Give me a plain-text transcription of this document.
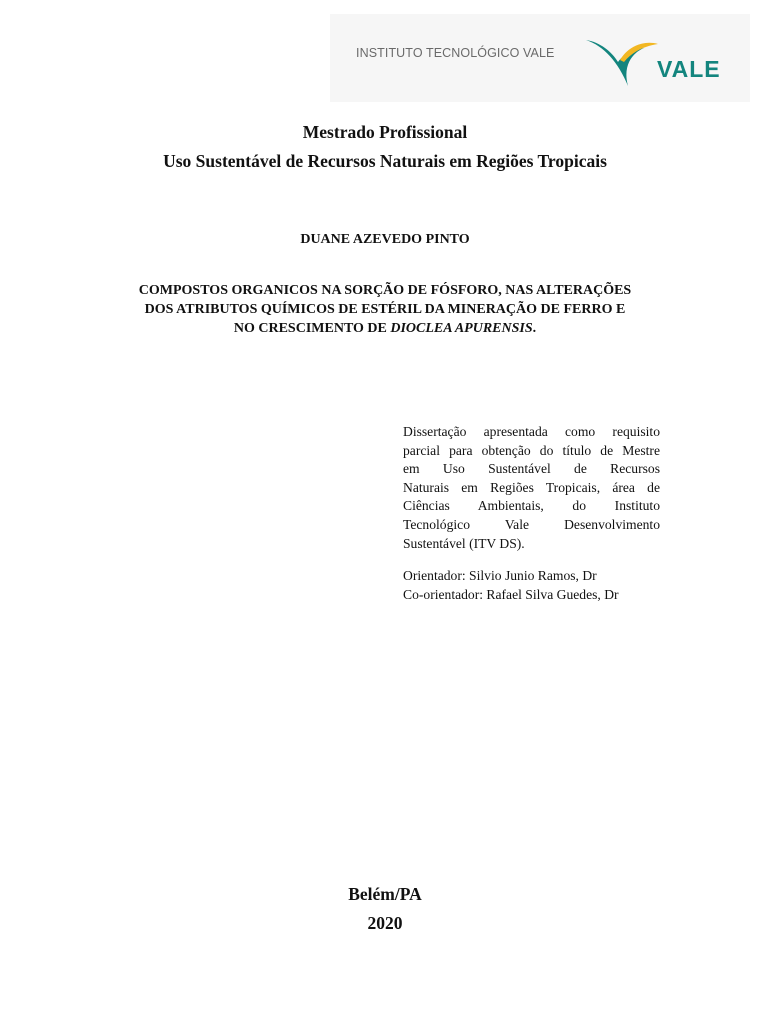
INSTITUTO TECNOLÓGICO VALE
VALE
Mestrado Profissional
Uso Sustentável de Recursos Naturais em Regiões Tropicais
DUANE AZEVEDO PINTO
COMPOSTOS ORGANICOS NA SORÇÃO DE FÓSFORO, NAS ALTERAÇÕES
DOS ATRIBUTOS QUÍMICOS DE ESTÉRIL DA MINERAÇÃO DE FERRO E
NO CRESCIMENTO DE DIOCLEA APURENSIS.
Dissertação apresentada como requisito
parcial para obtenção do título de Mestre
em Uso Sustentável de Recursos
Naturais em Regiões Tropicais, área de
Ciências Ambientais, do Instituto
Tecnológico Vale Desenvolvimento
Sustentável (ITV DS).
Orientador: Silvio Junio Ramos, Dr
Co-orientador: Rafael Silva Guedes, Dr
Belém/PA
2020
